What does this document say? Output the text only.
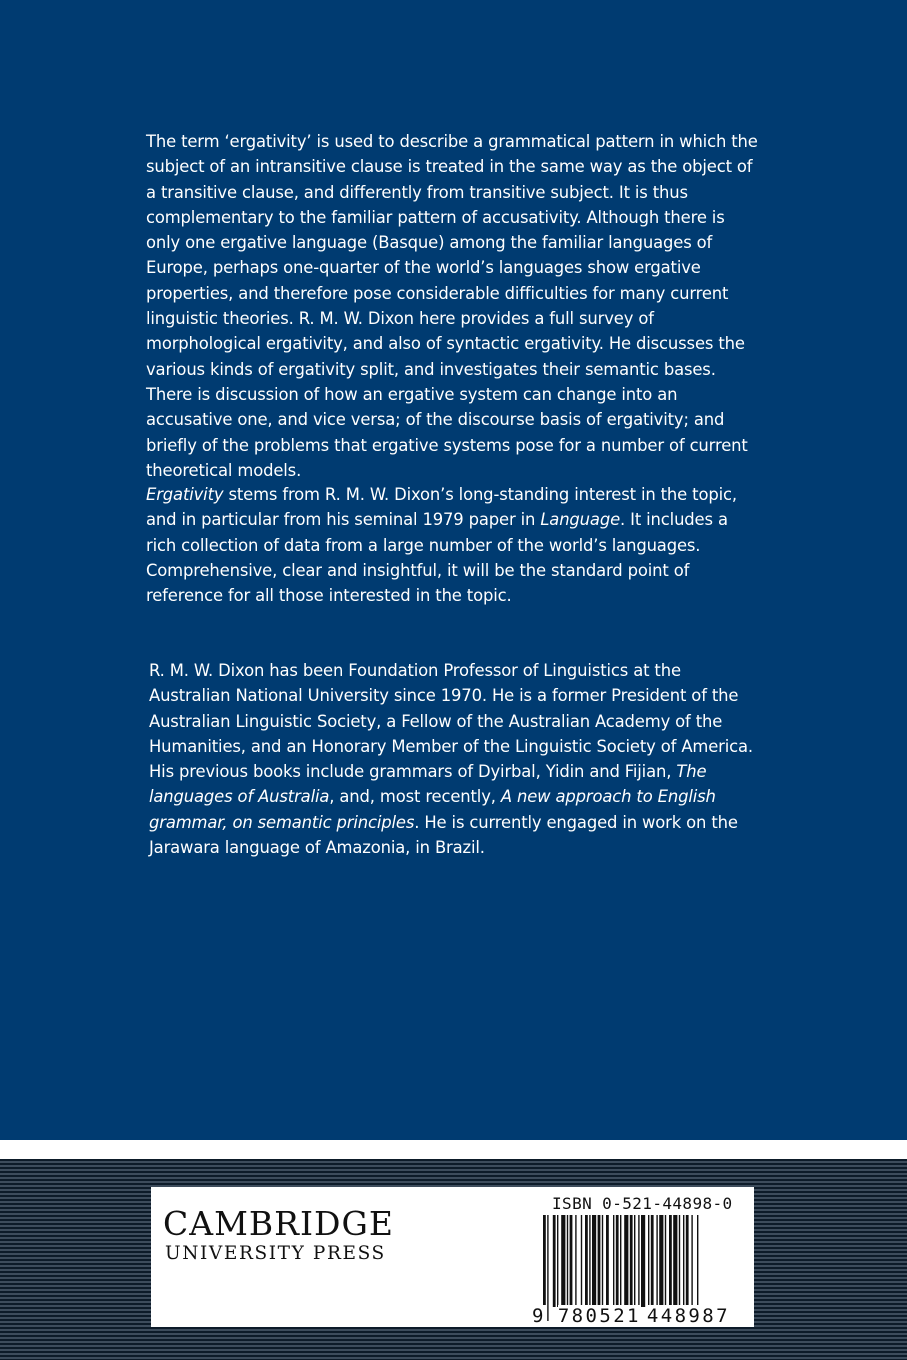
The term ‘ergativity’ is used to describe a grammatical pattern in which the subject of an intransitive clause is treated in the same way as the object of a transitive clause, and differently from transitive subject. It is thus complementary to the familiar pattern of accusativity. Although there is only one ergative language (Basque) among the familiar languages of Europe, perhaps one-quarter of the world’s languages show ergative properties, and therefore pose considerable difficulties for many current linguistic theories. R. M. W. Dixon here provides a full survey of morphological ergativity, and also of syntactic ergativity. He discusses the various kinds of ergativity split, and investigates their semantic bases. There is discussion of how an ergative system can change into an accusative one, and vice versa; of the discourse basis of ergativity; and briefly of the problems that ergative systems pose for a number of current theoretical models.

Ergativity stems from R. M. W. Dixon’s long-standing interest in the topic, and in particular from his seminal 1979 paper in Language. It includes a rich collection of data from a large number of the world’s languages. Comprehensive, clear and insightful, it will be the standard point of reference for all those interested in the topic.

R. M. W. Dixon has been Foundation Professor of Linguistics at the Australian National University since 1970. He is a former President of the Australian Linguistic Society, a Fellow of the Australian Academy of the Humanities, and an Honorary Member of the Linguistic Society of America. His previous books include grammars of Dyirbal, Yidin and Fijian, The languages of Australia, and, most recently, A new approach to English grammar, on semantic principles. He is currently engaged in work on the Jarawara language of Amazonia, in Brazil.

CAMBRIDGE
UNIVERSITY PRESS
ISBN 0-521-44898-0
9 780521 448987
